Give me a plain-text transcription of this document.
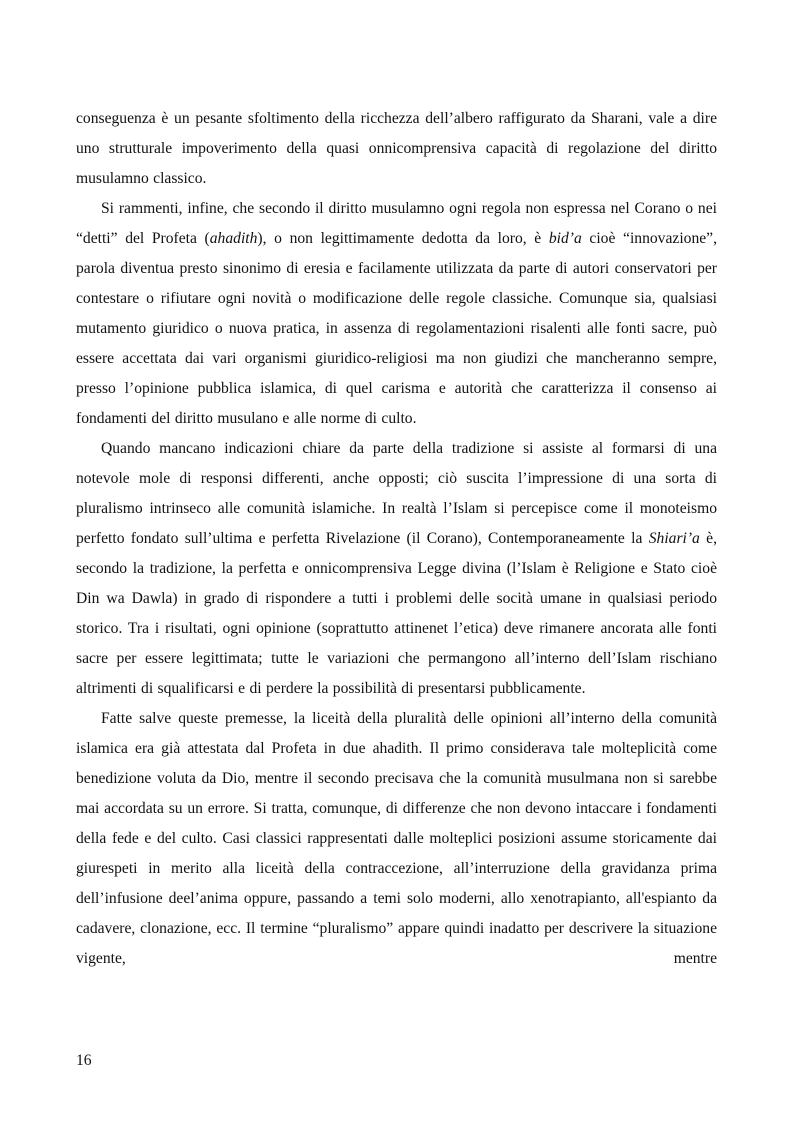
conseguenza è un pesante sfoltimento della ricchezza dell’albero raffigurato da Sharani, vale a dire uno strutturale impoverimento della quasi onnicomprensiva capacità di regolazione del diritto musulamno classico.

Si rammenti, infine, che secondo il diritto musulamno ogni regola non espressa nel Corano o nei “detti” del Profeta (ahadith), o non legittimamente dedotta da loro, è bid’a cioè “innovazione”, parola diventua presto sinonimo di eresia e facilamente utilizzata da parte di autori conservatori per contestare o rifiutare ogni novità o modificazione delle regole classiche. Comunque sia, qualsiasi mutamento giuridico o nuova pratica, in assenza di regolamentazioni risalenti alle fonti sacre, può essere accettata dai vari organismi giuridico-religiosi ma non giudizi che mancheranno sempre, presso l’opinione pubblica islamica, di quel carisma e autorità che caratterizza il consenso ai fondamenti del diritto musulano e alle norme di culto.

Quando mancano indicazioni chiare da parte della tradizione si assiste al formarsi di una notevole mole di responsi differenti, anche opposti; ciò suscita l’impressione di una sorta di pluralismo intrinseco alle comunità islamiche. In realtà l’Islam si percepisce come il monoteismo perfetto fondato sull’ultima e perfetta Rivelazione (il Corano), Contemporaneamente la Shiari’a è, secondo la tradizione, la perfetta e onnicomprensiva Legge divina (l’Islam è Religione e Stato cioè Din wa Dawla) in grado di rispondere a tutti i problemi delle socità umane in qualsiasi periodo storico. Tra i risultati, ogni opinione (soprattutto attinenet l’etica) deve rimanere ancorata alle fonti sacre per essere legittimata; tutte le variazioni che permangono all’interno dell’Islam rischiano altrimenti di squalificarsi e di perdere la possibilità di presentarsi pubblicamente.

Fatte salve queste premesse, la liceità della pluralità delle opinioni all’interno della comunità islamica era già attestata dal Profeta in due ahadith. Il primo considerava tale molteplicità come benedizione voluta da Dio, mentre il secondo precisava che la comunità musulmana non si sarebbe mai accordata su un errore. Si tratta, comunque, di differenze che non devono intaccare i fondamenti della fede e del culto. Casi classici rappresentati dalle molteplici posizioni assume storicamente dai giurespeti in merito alla liceità della contraccezione, all’interruzione della gravidanza prima dell’infusione deel’anima oppure, passando a temi solo moderni, allo xenotrapianto, all'espianto da cadavere, clonazione, ecc. Il termine “pluralismo” appare quindi inadatto per descrivere la situazione vigente, mentre

16
